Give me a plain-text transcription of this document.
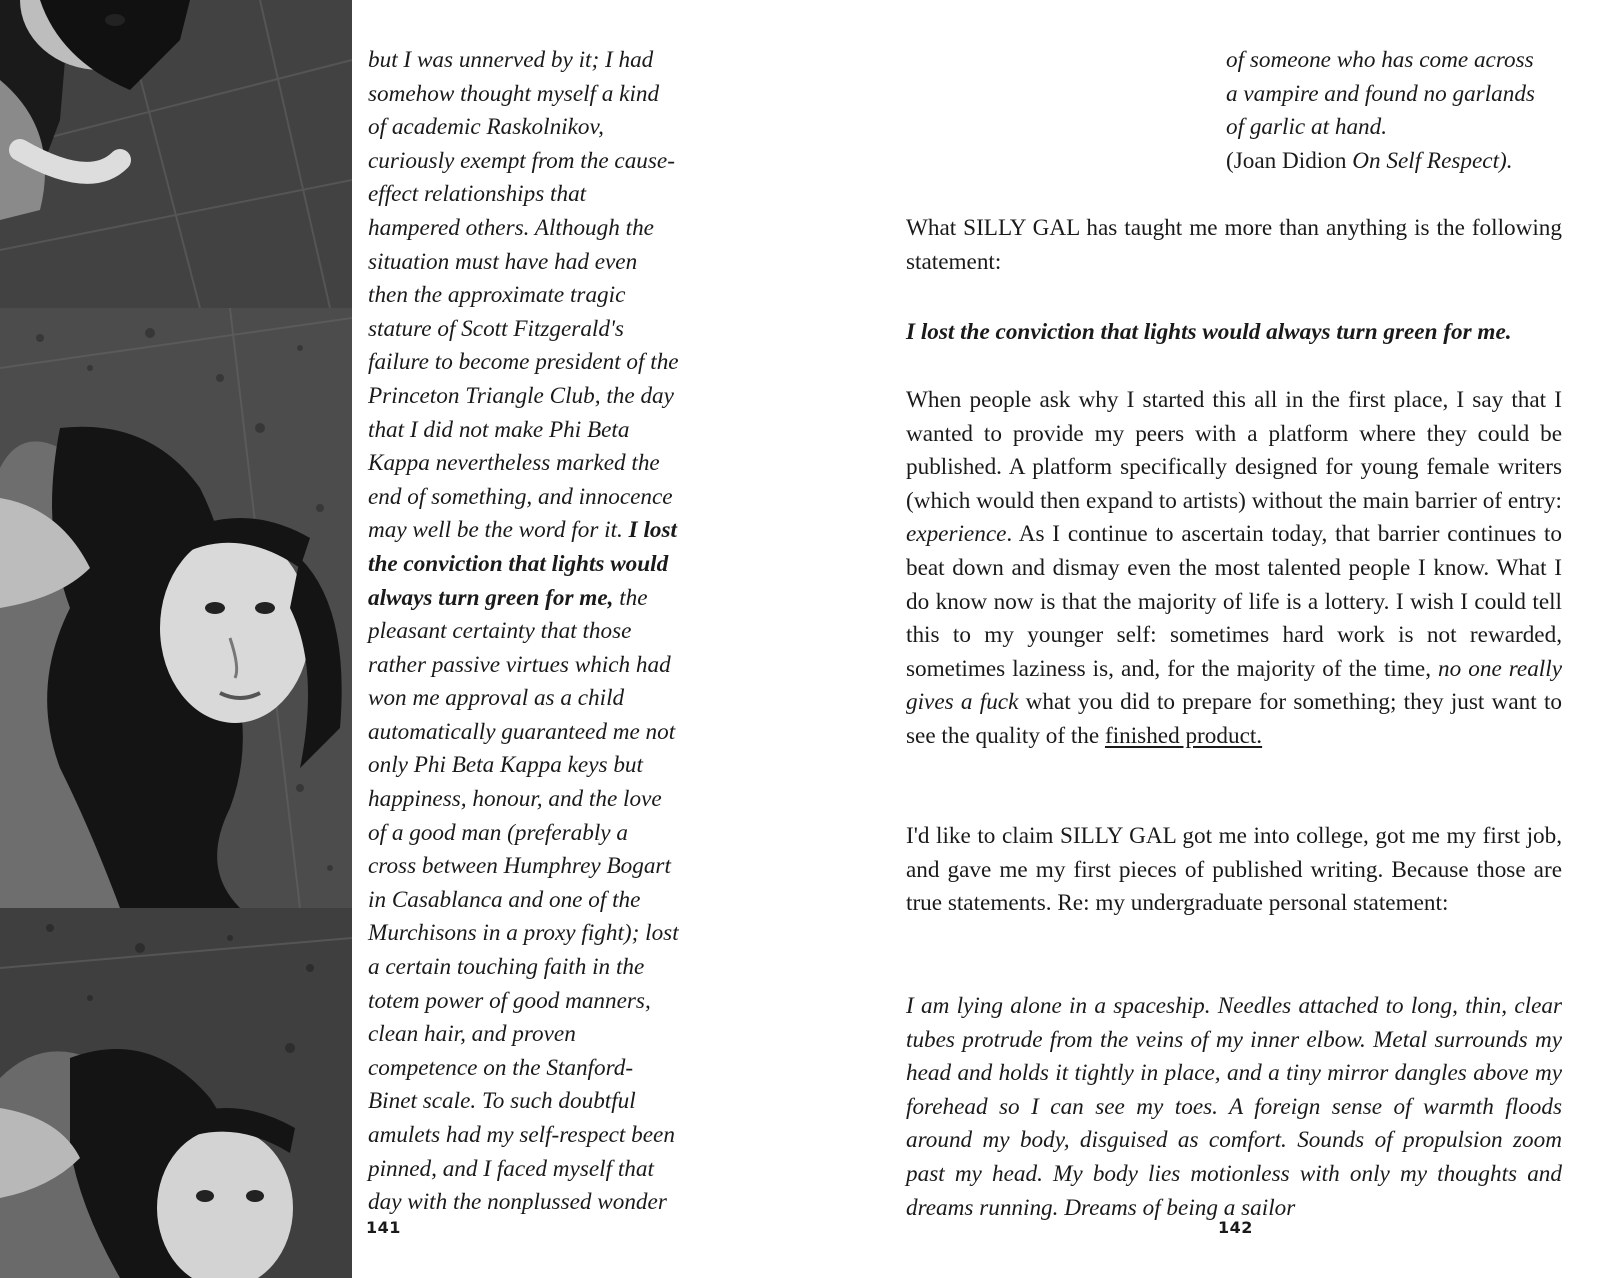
but I was unnerved by it; I had
somehow thought myself a kind
of academic Raskolnikov,
curiously exempt from the cause-
effect relationships that
hampered others. Although the
situation must have had even
then the approximate tragic
stature of Scott Fitzgerald's
failure to become president of the
Princeton Triangle Club, the day
that I did not make Phi Beta
Kappa nevertheless marked the
end of something, and innocence
may well be the word for it. I lost
the conviction that lights would
always turn green for me, the
pleasant certainty that those
rather passive virtues which had
won me approval as a child
automatically guaranteed me not
only Phi Beta Kappa keys but
happiness, honour, and the love
of a good man (preferably a
cross between Humphrey Bogart
in Casablanca and one of the
Murchisons in a proxy fight); lost
a certain touching faith in the
totem power of good manners,
clean hair, and proven
competence on the Stanford-
Binet scale. To such doubtful
amulets had my self-respect been
pinned, and I faced myself that
day with the nonplussed wonder
141
of someone who has come across
a vampire and found no garlands
of garlic at hand.
(Joan Didion On Self Respect).

What SILLY GAL has taught me more than anything is the following statement:

I lost the conviction that lights would always turn green for me.

When people ask why I started this all in the first place, I say that I wanted to provide my peers with a platform where they could be published. A platform specifically designed for young female writers (which would then expand to artists) without the main barrier of entry: experience. As I continue to ascertain today, that barrier continues to beat down and dismay even the most talented people I know. What I do know now is that the majority of life is a lottery. I wish I could tell this to my younger self: sometimes hard work is not rewarded, sometimes laziness is, and, for the majority of the time, no one really gives a fuck what you did to prepare for something; they just want to see the quality of the finished product.

I'd like to claim SILLY GAL got me into college, got me my first job, and gave me my first pieces of published writing. Because those are true statements. Re: my undergraduate personal statement:

I am lying alone in a spaceship. Needles attached to long, thin, clear tubes protrude from the veins of my inner elbow. Metal surrounds my head and holds it tightly in place, and a tiny mirror dangles above my forehead so I can see my toes. A foreign sense of warmth floods around my body, disguised as comfort. Sounds of propulsion zoom past my head. My body lies motionless with only my thoughts and dreams running. Dreams of being a sailor

142
